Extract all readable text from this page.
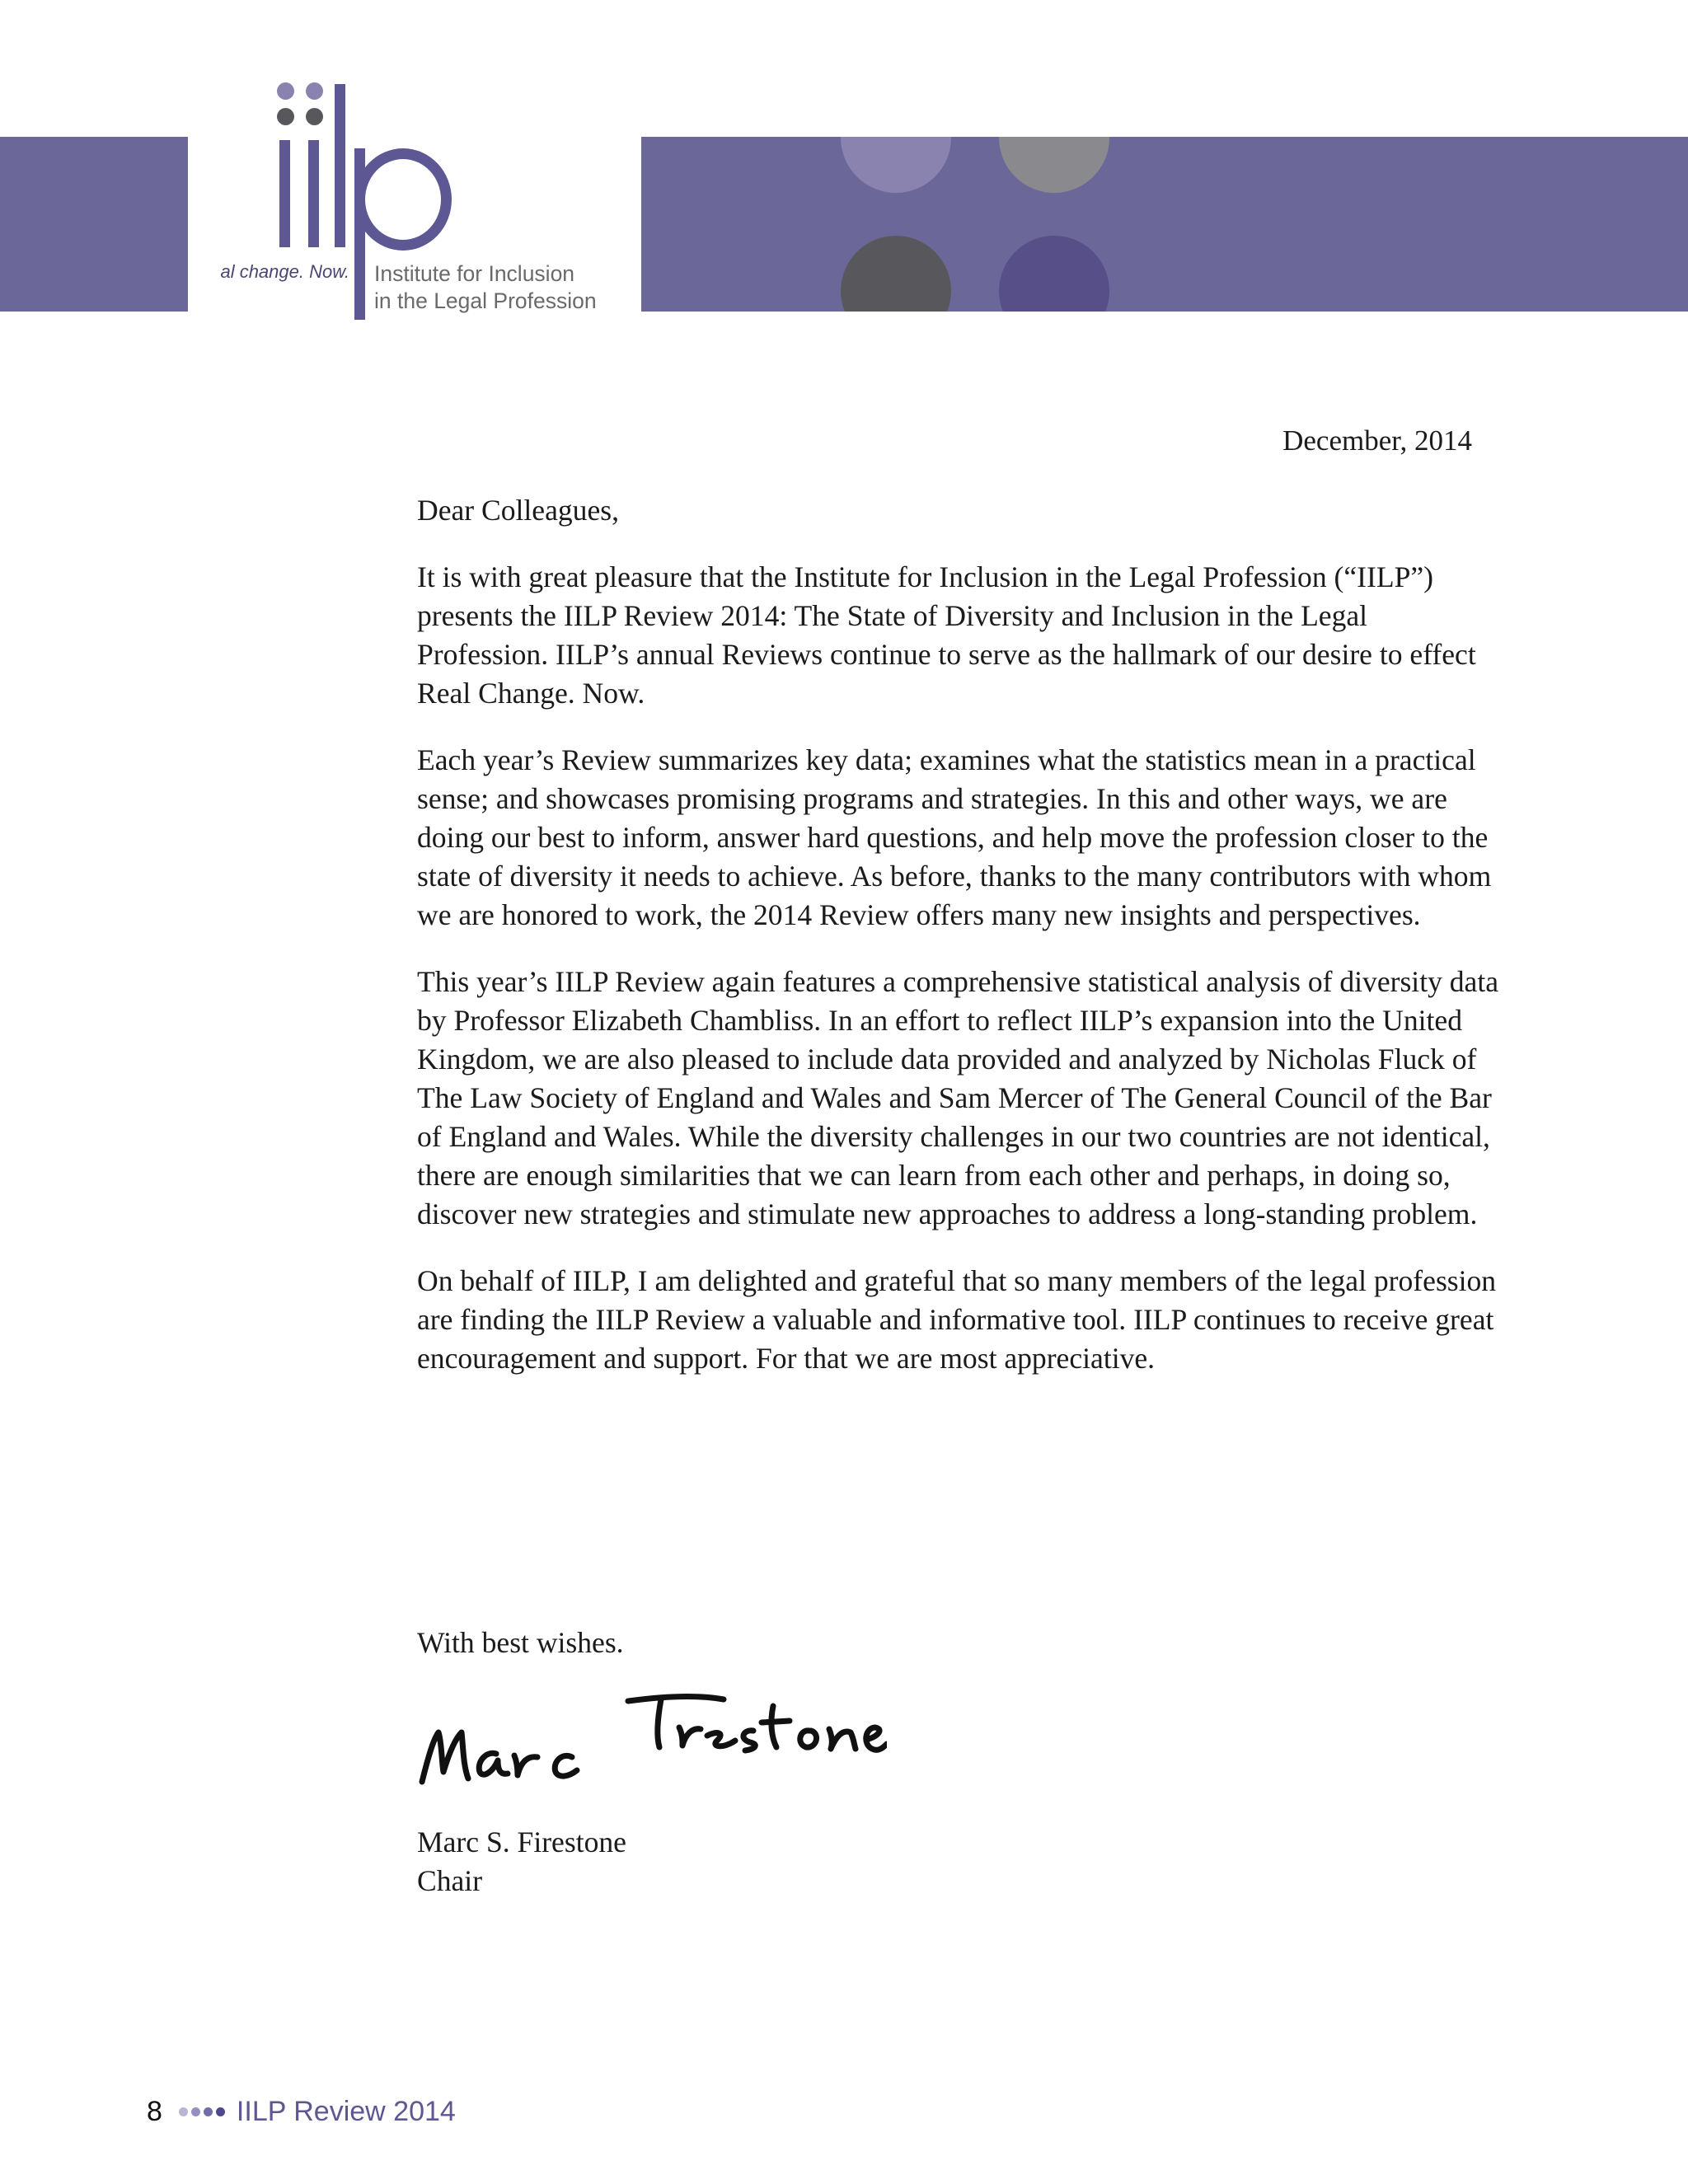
al change. Now. Institute for Inclusion
in the Legal Profession
December, 2014

Dear Colleagues,

It is with great pleasure that the Institute for Inclusion in the Legal Profession (“IILP”) presents the IILP Review 2014: The State of Diversity and Inclusion in the Legal Profession. IILP’s annual Reviews continue to serve as the hallmark of our desire to effect Real Change. Now.

Each year’s Review summarizes key data; examines what the statistics mean in a practical sense; and showcases promising programs and strategies. In this and other ways, we are doing our best to inform, answer hard questions, and help move the profession closer to the state of diversity it needs to achieve. As before, thanks to the many contributors with whom we are honored to work, the 2014 Review offers many new insights and perspectives.

This year’s IILP Review again features a comprehensive statistical analysis of diversity data by Professor Elizabeth Chambliss. In an effort to reflect IILP’s expansion into the United Kingdom, we are also pleased to include data provided and analyzed by Nicholas Fluck of The Law Society of England and Wales and Sam Mercer of The General Council of the Bar of England and Wales. While the diversity challenges in our two countries are not identical, there are enough similarities that we can learn from each other and perhaps, in doing so, discover new strategies and stimulate new approaches to address a long-standing problem.

On behalf of IILP, I am delighted and grateful that so many members of the legal profession are finding the IILP Review a valuable and informative tool. IILP continues to receive great encouragement and support. For that we are most appreciative.

With best wishes.
Marc S. Firestone
Chair
8	IILP Review 2014
